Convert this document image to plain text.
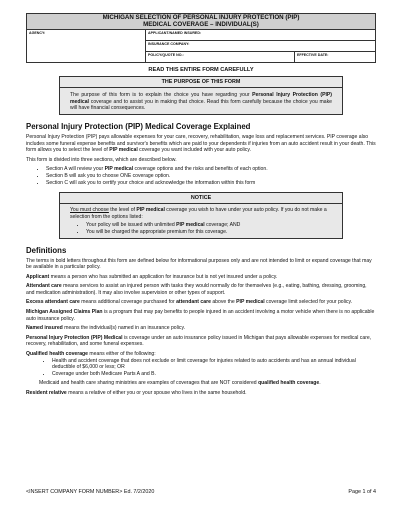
MICHIGAN SELECTION OF PERSONAL INJURY PROTECTION (PIP)
MEDICAL COVERAGE – INDIVIDUAL(S)		

AGENCY:	APPLICANT/NAMED INSURED:	
	INSURANCE COMPANY:	
	POLICY/QUOTE NO.:	EFFECTIVE DATE:
READ THIS ENTIRE FORM CAREFULLY
THE PURPOSE OF THIS FORM
The purpose of this form is to explain the choice you have regarding your Personal Injury Protection (PIP) medical coverage and to assist you in making that choice. Read this form carefully because the choice you make will have financial consequences.
Personal Injury Protection (PIP) Medical Coverage Explained

Personal Injury Protection (PIP) pays allowable expenses for your care, recovery, rehabilitation, wage loss and replacement services. PIP coverage also includes some funeral expense benefits and survivor's benefits which are paid to your dependents if injuries from an auto accident result in your death. This form allows you to select the level of PIP medical coverage you want included with your auto policy.

This form is divided into three sections, which are described below.

• Section A will review your PIP medical coverage options and the risks and benefits of each option.
• Section B will ask you to choose ONE coverage option.
• Section C will ask you to certify your choice and acknowledge the information within this form
NOTICE
You must choose the level of PIP medical coverage you wish to have under your auto policy. If you do not make a selection from the options listed:
• Your policy will be issued with unlimited PIP medical coverage; AND
• You will be charged the appropriate premium for this coverage.
Definitions

The terms in bold letters throughout this form are defined below for informational purposes only and are not intended to limit or expand coverage that may be available in a particular policy.

Applicant means a person who has submitted an application for insurance but is not yet insured under a policy.

Attendant care means services to assist an injured person with tasks they would normally do for themselves (e.g., eating, bathing, dressing, grooming, and medication administration). It may also involve supervision or other types of support.

Excess attendant care means additional coverage purchased for attendant care above the PIP medical coverage limit selected for your policy.

Michigan Assigned Claims Plan is a program that may pay benefits to people injured in an accident involving a motor vehicle when there is no applicable auto insurance policy.

Named insured means the individual(s) named in an insurance policy.

Personal Injury Protection (PIP) Medical is coverage under an auto insurance policy issued in Michigan that pays allowable expenses for medical care, recovery, rehabilitation, and some funeral expenses.

Qualified health coverage means either of the following:

• Health and accident coverage that does not exclude or limit coverage for injuries related to auto accidents and has an annual individual deductible of $6,000 or less; OR
• Coverage under both Medicare Parts A and B.

Medicaid and health care sharing ministries are examples of coverages that are NOT considered qualified health coverage.

Resident relative means a relative of either you or your spouse who lives in the same household.

<INSERT COMPANY FORM NUMBER> Ed. 7/2/2020	Page 1 of 4
